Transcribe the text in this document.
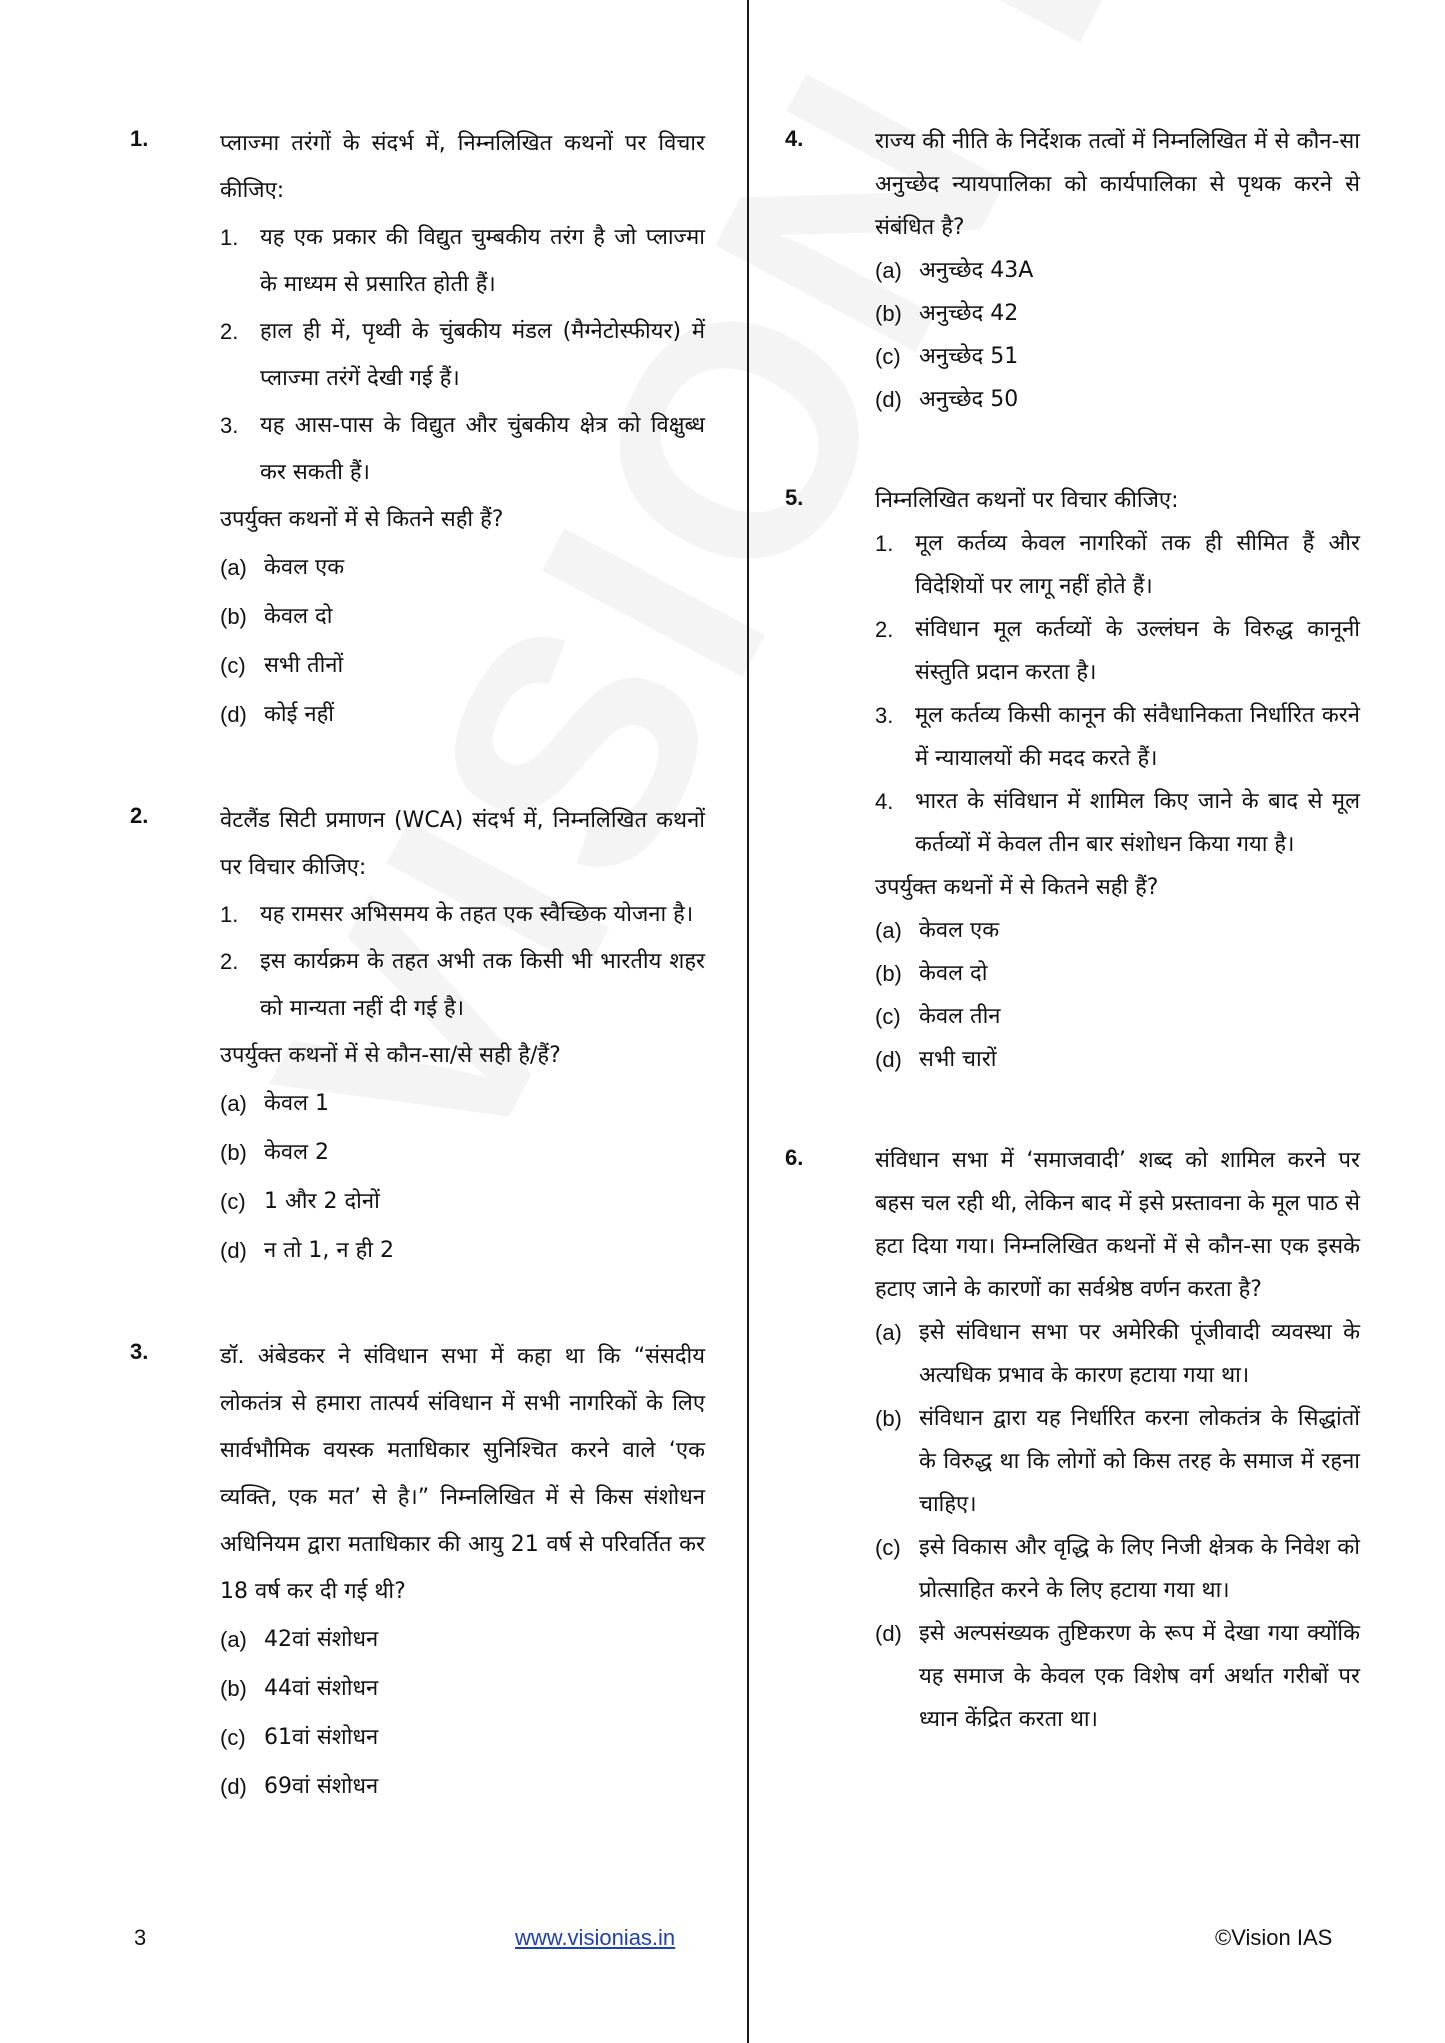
1.	प्लाज्मा तरंगों के संदर्भ में, निम्नलिखित कथनों पर विचार कीजिए:
1. यह एक प्रकार की विद्युत चुम्बकीय तरंग है जो प्लाज्मा के माध्यम से प्रसारित होती हैं।
2. हाल ही में, पृथ्वी के चुंबकीय मंडल (मैग्नेटोस्फीयर) में प्लाज्मा तरंगें देखी गई हैं।
3. यह आस-पास के विद्युत और चुंबकीय क्षेत्र को विक्षुब्ध कर सकती हैं।
उपर्युक्त कथनों में से कितने सही हैं?
(a) केवल एक
(b) केवल दो
(c) सभी तीनों
(d) कोई नहीं
2.	वेटलैंड सिटी प्रमाणन (WCA) संदर्भ में, निम्नलिखित कथनों पर विचार कीजिए:
1. यह रामसर अभिसमय के तहत एक स्वैच्छिक योजना है।
2. इस कार्यक्रम के तहत अभी तक किसी भी भारतीय शहर को मान्यता नहीं दी गई है।
उपर्युक्त कथनों में से कौन-सा/से सही है/हैं?
(a) केवल 1
(b) केवल 2
(c) 1 और 2 दोनों
(d) न तो 1, न ही 2
3.	डॉ. अंबेडकर ने संविधान सभा में कहा था कि “संसदीय लोकतंत्र से हमारा तात्पर्य संविधान में सभी नागरिकों के लिए सार्वभौमिक वयस्क मताधिकार सुनिश्चित करने वाले ‘एक व्यक्ति, एक मत’ से है।” निम्नलिखित में से किस संशोधन अधिनियम द्वारा मताधिकार की आयु 21 वर्ष से परिवर्तित कर 18 वर्ष कर दी गई थी?
(a) 42वां संशोधन
(b) 44वां संशोधन
(c) 61वां संशोधन
(d) 69वां संशोधन
4.	राज्य की नीति के निर्देशक तत्वों में निम्नलिखित में से कौन-सा अनुच्छेद न्यायपालिका को कार्यपालिका से पृथक करने से संबंधित है?
(a) अनुच्छेद 43A
(b) अनुच्छेद 42
(c) अनुच्छेद 51
(d) अनुच्छेद 50
5.	निम्नलिखित कथनों पर विचार कीजिए:
1. मूल कर्तव्य केवल नागरिकों तक ही सीमित हैं और विदेशियों पर लागू नहीं होते हैं।
2. संविधान मूल कर्तव्यों के उल्लंघन के विरुद्ध कानूनी संस्तुति प्रदान करता है।
3. मूल कर्तव्य किसी कानून की संवैधानिकता निर्धारित करने में न्यायालयों की मदद करते हैं।
4. भारत के संविधान में शामिल किए जाने के बाद से मूल कर्तव्यों में केवल तीन बार संशोधन किया गया है।
उपर्युक्त कथनों में से कितने सही हैं?
(a) केवल एक
(b) केवल दो
(c) केवल तीन
(d) सभी चारों
6.	संविधान सभा में ‘समाजवादी’ शब्द को शामिल करने पर बहस चल रही थी, लेकिन बाद में इसे प्रस्तावना के मूल पाठ से हटा दिया गया। निम्नलिखित कथनों में से कौन-सा एक इसके हटाए जाने के कारणों का सर्वश्रेष्ठ वर्णन करता है?
(a) इसे संविधान सभा पर अमेरिकी पूंजीवादी व्यवस्था के अत्यधिक प्रभाव के कारण हटाया गया था।
(b) संविधान द्वारा यह निर्धारित करना लोकतंत्र के सिद्धांतों के विरुद्ध था कि लोगों को किस तरह के समाज में रहना चाहिए।
(c) इसे विकास और वृद्धि के लिए निजी क्षेत्रक के निवेश को प्रोत्साहित करने के लिए हटाया गया था।
(d) इसे अल्पसंख्यक तुष्टिकरण के रूप में देखा गया क्योंकि यह समाज के केवल एक विशेष वर्ग अर्थात गरीबों पर ध्यान केंद्रित करता था।
3	www.visionias.in	©Vision IAS
